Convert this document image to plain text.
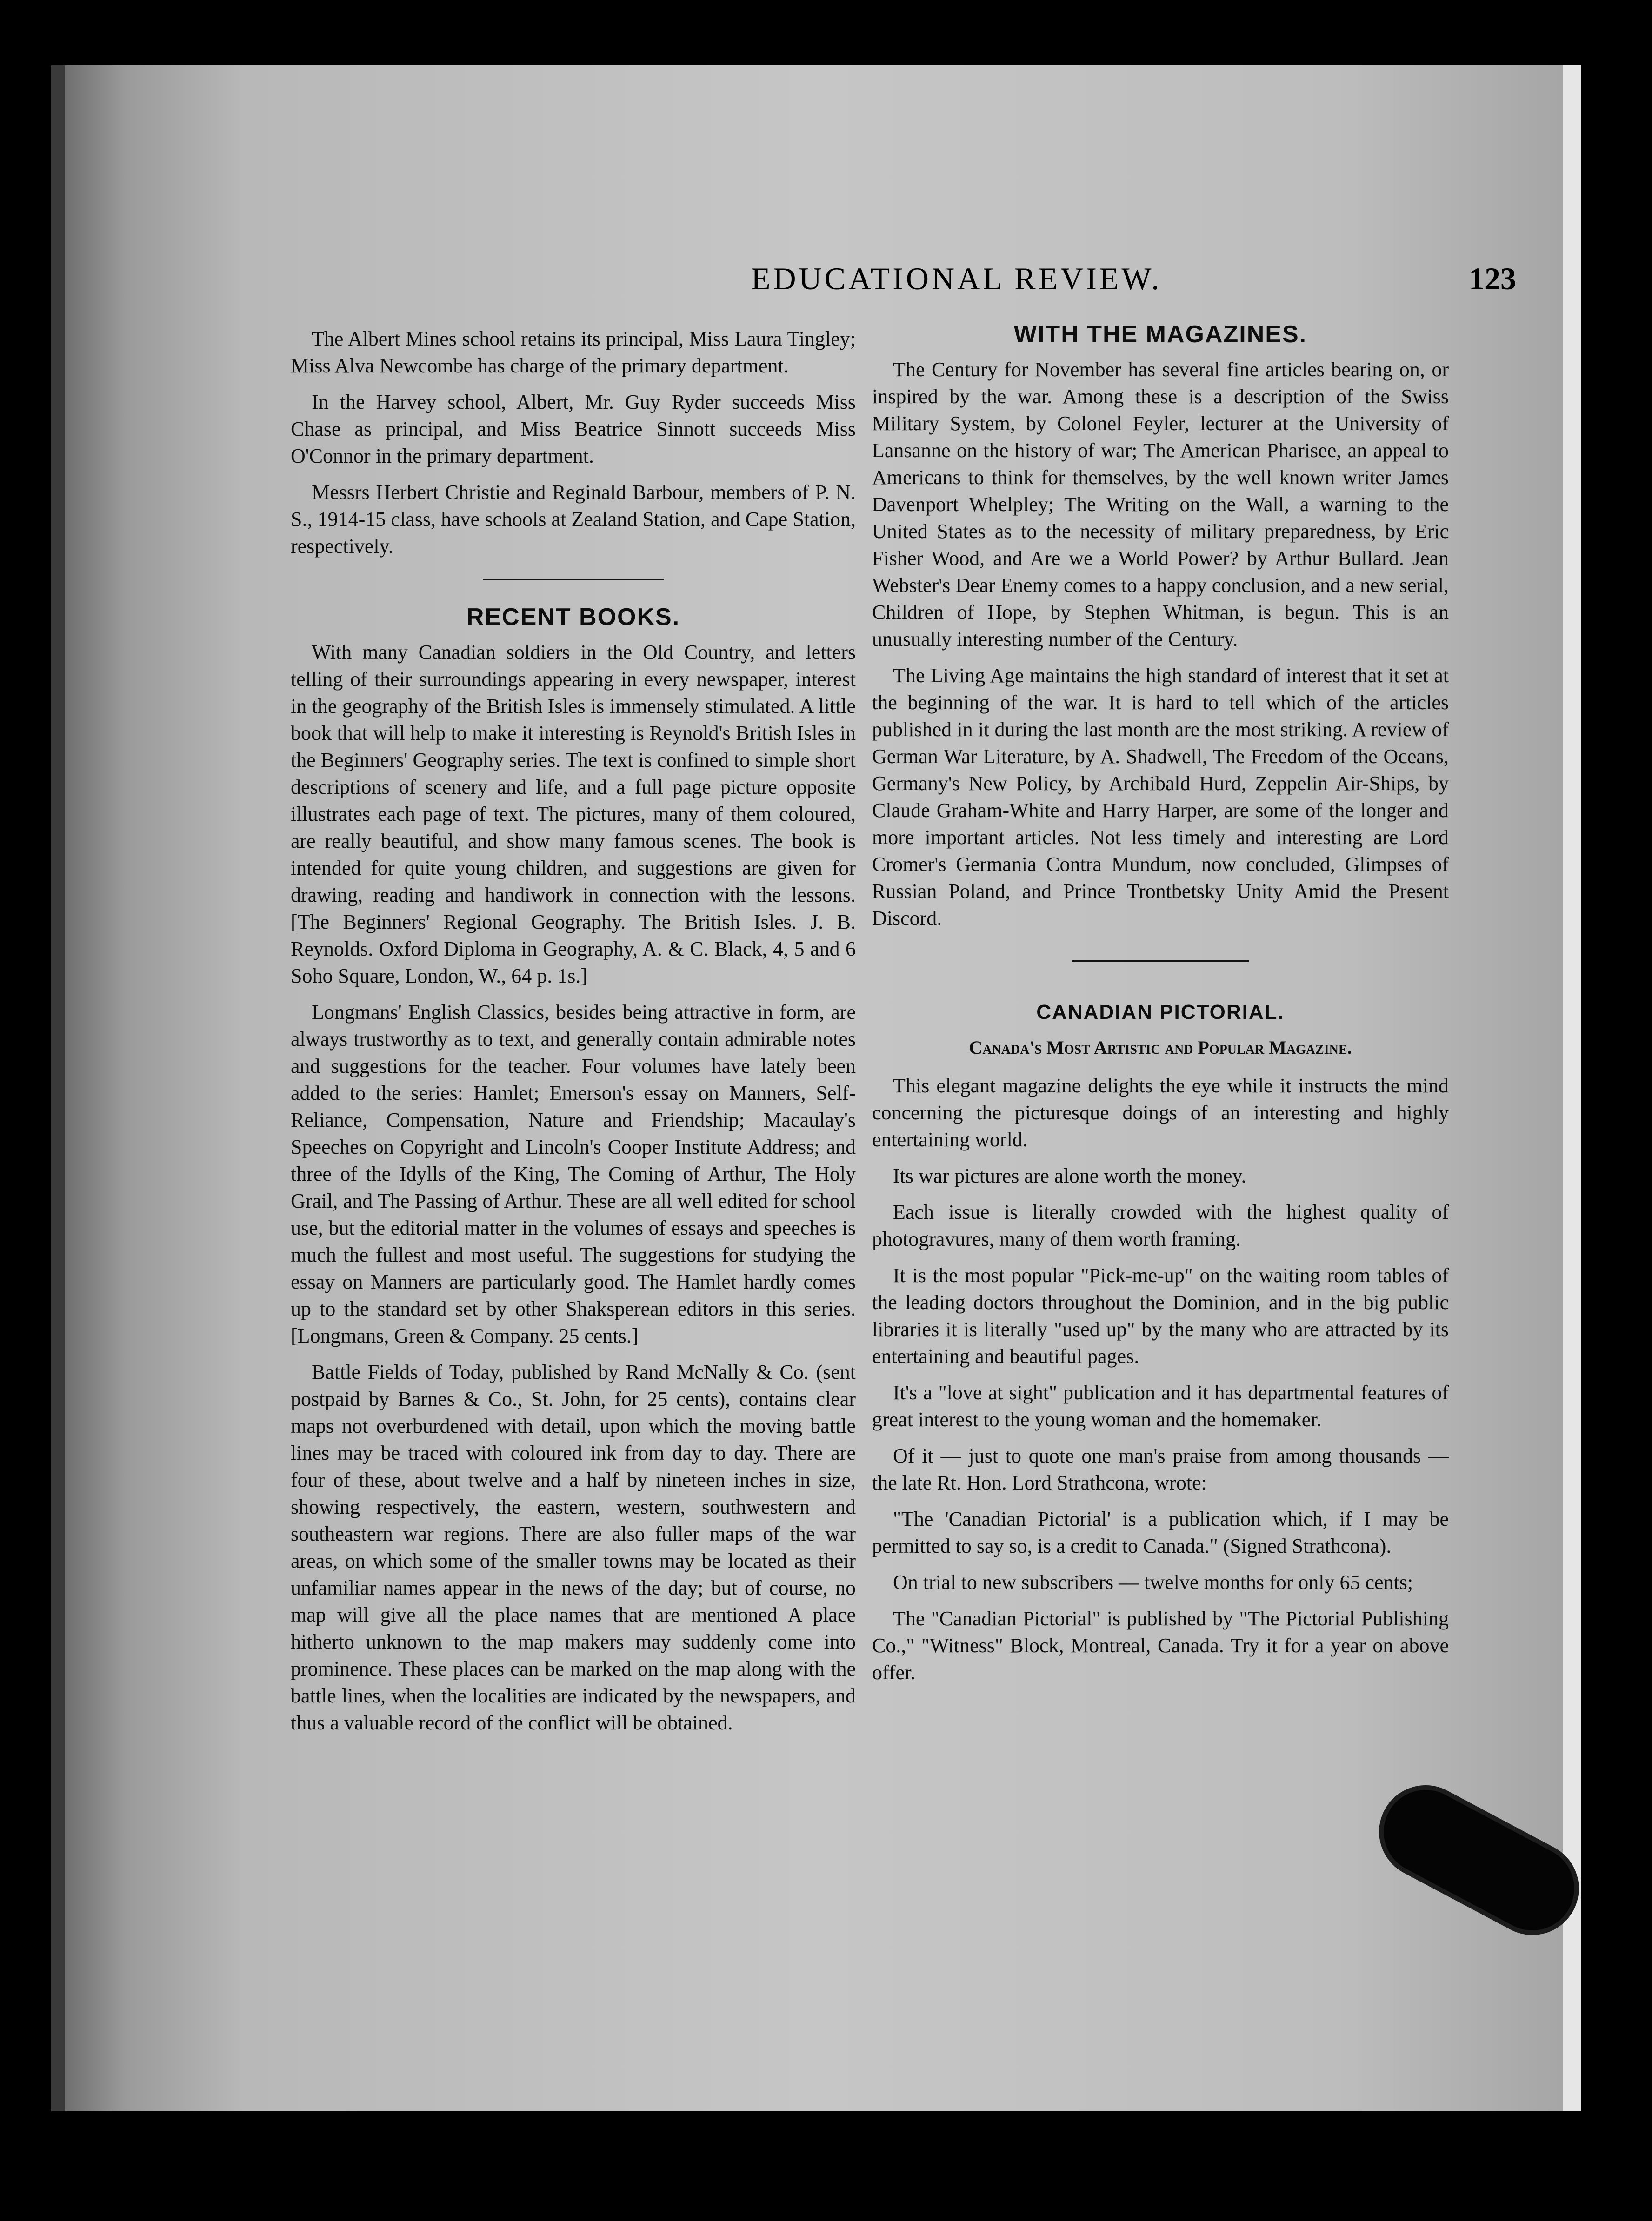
EDUCATIONAL REVIEW.	123

The Albert Mines school retains its principal, Miss Laura Tingley; Miss Alva Newcombe has charge of the primary department.

In the Harvey school, Albert, Mr. Guy Ryder succeeds Miss Chase as principal, and Miss Beatrice Sinnott succeeds Miss O'Connor in the primary department.

Messrs Herbert Christie and Reginald Barbour, members of P. N. S., 1914-15 class, have schools at Zealand Station, and Cape Station, respectively.

RECENT BOOKS.

With many Canadian soldiers in the Old Country, and letters telling of their surroundings appearing in every newspaper, interest in the geography of the British Isles is immensely stimulated. A little book that will help to make it interesting is Reynold's British Isles in the Beginners' Geography series. The text is confined to simple short descriptions of scenery and life, and a full page picture opposite illustrates each page of text. The pictures, many of them coloured, are really beautiful, and show many famous scenes. The book is intended for quite young children, and suggestions are given for drawing, reading and handiwork in connection with the lessons. [The Beginners' Regional Geography. The British Isles. J. B. Reynolds. Oxford Diploma in Geography, A. & C. Black, 4, 5 and 6 Soho Square, London, W., 64 p. 1s.]

Longmans' English Classics, besides being attractive in form, are always trustworthy as to text, and generally contain admirable notes and suggestions for the teacher. Four volumes have lately been added to the series: Hamlet; Emerson's essay on Manners, Self-Reliance, Compensation, Nature and Friendship; Macaulay's Speeches on Copyright and Lincoln's Cooper Institute Address; and three of the Idylls of the King, The Coming of Arthur, The Holy Grail, and The Passing of Arthur. These are all well edited for school use, but the editorial matter in the volumes of essays and speeches is much the fullest and most useful. The suggestions for studying the essay on Manners are particularly good. The Hamlet hardly comes up to the standard set by other Shaksperean editors in this series. [Longmans, Green & Company. 25 cents.]

Battle Fields of Today, published by Rand McNally & Co. (sent postpaid by Barnes & Co., St. John, for 25 cents), contains clear maps not overburdened with detail, upon which the moving battle lines may be traced with coloured ink from day to day. There are four of these, about twelve and a half by nineteen inches in size, showing respectively, the eastern, western, southwestern and southeastern war regions. There are also fuller maps of the war areas, on which some of the smaller towns may be located as their unfamiliar names appear in the news of the day; but of course, no map will give all the place names that are mentioned A place hitherto unknown to the map makers may suddenly come into prominence. These places can be marked on the map along with the battle lines, when the localities are indicated by the newspapers, and thus a valuable record of the conflict will be obtained.

WITH THE MAGAZINES.

The Century for November has several fine articles bearing on, or inspired by the war. Among these is a description of the Swiss Military System, by Colonel Feyler, lecturer at the University of Lansanne on the history of war; The American Pharisee, an appeal to Americans to think for themselves, by the well known writer James Davenport Whelpley; The Writing on the Wall, a warning to the United States as to the necessity of military preparedness, by Eric Fisher Wood, and Are we a World Power? by Arthur Bullard. Jean Webster's Dear Enemy comes to a happy conclusion, and a new serial, Children of Hope, by Stephen Whitman, is begun. This is an unusually interesting number of the Century.

The Living Age maintains the high standard of interest that it set at the beginning of the war. It is hard to tell which of the articles published in it during the last month are the most striking. A review of German War Literature, by A. Shadwell, The Freedom of the Oceans, Germany's New Policy, by Archibald Hurd, Zeppelin Air-Ships, by Claude Graham-White and Harry Harper, are some of the longer and more important articles. Not less timely and interesting are Lord Cromer's Germania Contra Mundum, now concluded, Glimpses of Russian Poland, and Prince Trontbetsky Unity Amid the Present Discord.

CANADIAN PICTORIAL.
Canada's Most Artistic and Popular Magazine.

This elegant magazine delights the eye while it instructs the mind concerning the picturesque doings of an interesting and highly entertaining world.

Its war pictures are alone worth the money.

Each issue is literally crowded with the highest quality of photogravures, many of them worth framing.

It is the most popular "Pick-me-up" on the waiting room tables of the leading doctors throughout the Dominion, and in the big public libraries it is literally "used up" by the many who are attracted by its entertaining and beautiful pages.

It's a "love at sight" publication and it has departmental features of great interest to the young woman and the homemaker.

Of it — just to quote one man's praise from among thousands — the late Rt. Hon. Lord Strathcona, wrote:

"The 'Canadian Pictorial' is a publication which, if I may be permitted to say so, is a credit to Canada." (Signed Strathcona).

On trial to new subscribers — twelve months for only 65 cents;

The "Canadian Pictorial" is published by "The Pictorial Publishing Co.," "Witness" Block, Montreal, Canada. Try it for a year on above offer.
